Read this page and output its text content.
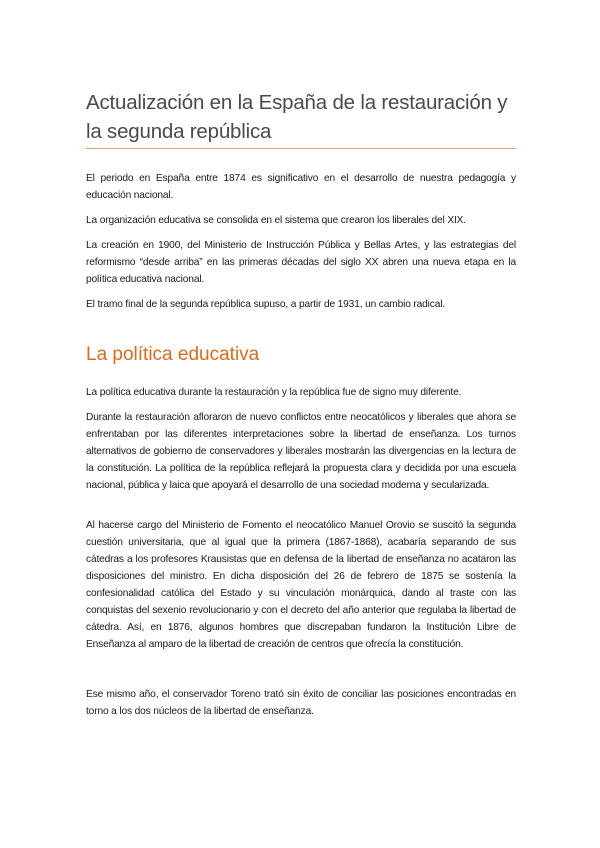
Actualización en la España de la restauración y la segunda república

El periodo en España entre 1874 es significativo en el desarrollo de nuestra pedagogía y educación nacional.

La organización educativa se consolida en el sistema que crearon los liberales del XIX.

La creación en 1900, del Ministerio de Instrucción Pública y Bellas Artes, y las estrategias del reformismo “desde arriba” en las primeras décadas del siglo XX abren una nueva etapa en la política educativa nacional.

El tramo final de la segunda república supuso, a partir de 1931, un cambio radical.

La política educativa

La política educativa durante la restauración y la república fue de signo muy diferente.

Durante la restauración afloraron de nuevo conflictos entre neocatólicos y liberales que ahora se enfrentaban por las diferentes interpretaciones sobre la libertad de enseñanza. Los turnos alternativos de gobierno de conservadores y liberales mostrarán las divergencias en la lectura de la constitución. La política de la república reflejará la propuesta clara y decidida por una escuela nacional, pública y laica que apoyará el desarrollo de una sociedad moderna y secularizada.

Al hacerse cargo del Ministerio de Fomento el neocatólico Manuel Orovio se suscitó la segunda cuestión universitaria, que al igual que la primera (1867-1868), acabaría separando de sus cátedras a los profesores Krausistas que en defensa de la libertad de enseñanza no acataron las disposiciones del ministro. En dicha disposición del 26 de febrero de 1875 se sostenía la confesionalidad católica del Estado y su vinculación monárquica, dando al traste con las conquistas del sexenio revolucionario y con el decreto del año anterior que regulaba la libertad de cátedra. Así, en 1876, algunos hombres que discrepaban fundaron la Institución Libre de Enseñanza al amparo de la libertad de creación de centros que ofrecía la constitución.

Ese mismo año, el conservador Toreno trató sin éxito de conciliar las posiciones encontradas en torno a los dos núcleos de la libertad de enseñanza.
